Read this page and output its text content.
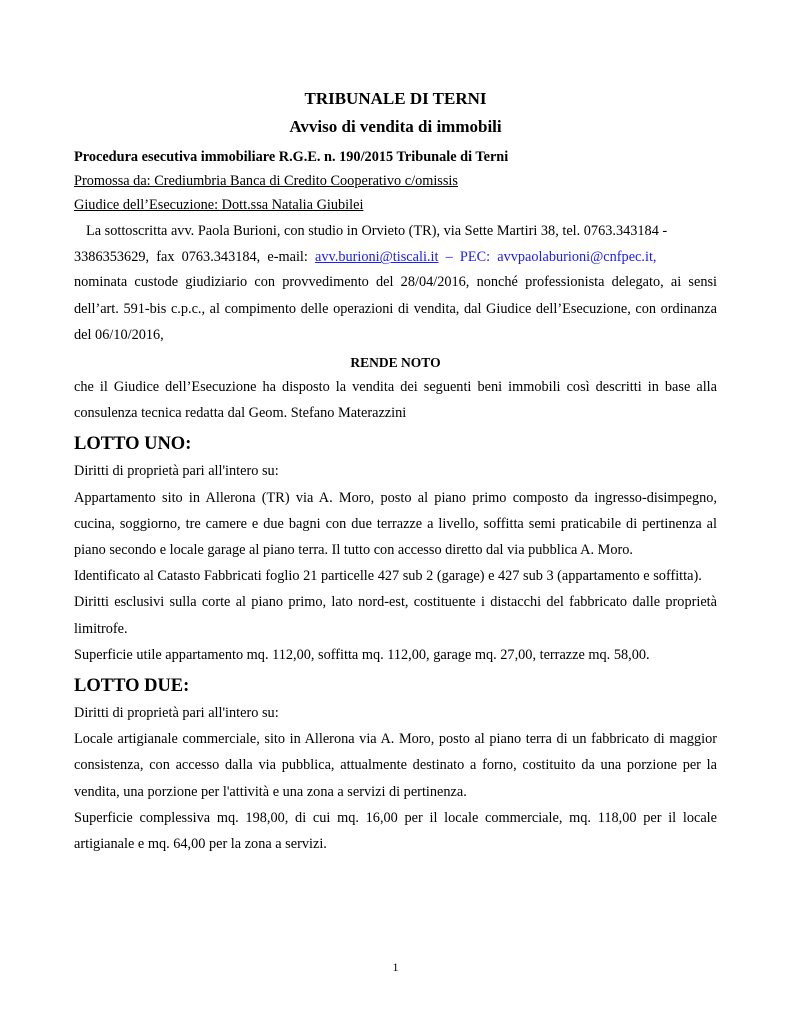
TRIBUNALE DI TERNI

Avviso di vendita di immobili

Procedura esecutiva immobiliare R.G.E. n. 190/2015 Tribunale di Terni

Promossa da: Crediumbria Banca di Credito Cooperativo c/omissis

Giudice dell’Esecuzione: Dott.ssa Natalia Giubilei

La sottoscritta avv. Paola Burioni, con studio in Orvieto (TR), via Sette Martiri 38, tel. 0763.343184 -
3386353629,  fax  0763.343184,  e-mail:  avv.burioni@tiscali.it  –  PEC:  avvpaolaburioni@cnfpec.it,

nominata custode giudiziario con provvedimento del 28/04/2016, nonché professionista delegato, ai sensi dell’art. 591-bis c.p.c., al compimento delle operazioni di vendita, dal Giudice dell’Esecuzione, con ordinanza del 06/10/2016,

RENDE NOTO

che il Giudice dell’Esecuzione ha disposto la vendita dei seguenti beni immobili così descritti in base alla consulenza tecnica redatta dal Geom. Stefano Materazzini

LOTTO UNO:

Diritti di proprietà pari all'intero su:

Appartamento sito in Allerona (TR) via A. Moro, posto al piano primo composto da ingresso-disimpegno, cucina, soggiorno, tre camere e due bagni con due terrazze a livello, soffitta semi praticabile di pertinenza al piano secondo e locale garage al piano terra. Il tutto con accesso diretto dal via pubblica A. Moro.

Identificato al Catasto Fabbricati foglio 21 particelle 427 sub 2 (garage) e 427 sub 3 (appartamento e soffitta).

Diritti esclusivi sulla corte al piano primo, lato nord-est, costituente i distacchi del fabbricato dalle proprietà limitrofe.

Superficie utile appartamento mq. 112,00, soffitta mq. 112,00, garage mq. 27,00, terrazze mq. 58,00.

LOTTO DUE:

Diritti di proprietà pari all'intero su:

Locale artigianale commerciale, sito in Allerona via A. Moro, posto al piano terra di un fabbricato di maggior consistenza, con accesso dalla via pubblica, attualmente destinato a forno, costituito da una porzione per la vendita, una porzione per l'attività e una zona a servizi di pertinenza.

Superficie complessiva mq. 198,00, di cui mq. 16,00 per il locale commerciale, mq. 118,00 per il locale artigianale e mq. 64,00 per la zona a servizi.

1
